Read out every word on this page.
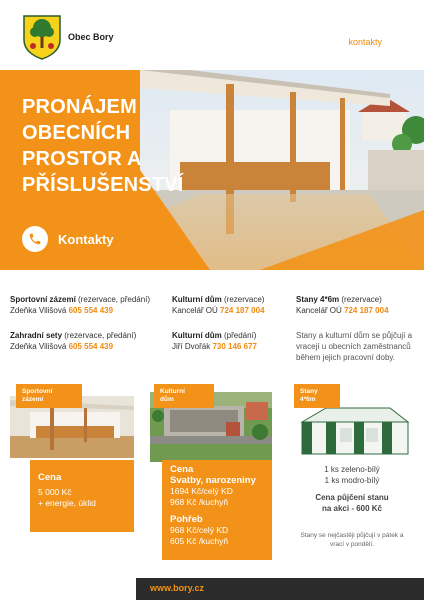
Obec Bory	kontakty
PRONÁJEM
OBECNÍCH
PROSTOR A
PŘÍSLUŠENSTVÍ
Kontakty

Sportovní zázemí (rezervace, předání)
Zdeňka Vilišová 605 554 439

Zahradní sety (rezervace, předání)
Zdeňka Vilišová 605 554 439

Kulturní dům (rezervace)
Kancelář OÚ 724 187 004

Kulturní dům (předání)
Jiří Dvořák 730 146 677

Stany 4*6m (rezervace)
Kancelář OÚ 724 187 004

Stany a kulturní dům se půjčují a vracejí u obecních zaměstnanců během jejich pracovní doby.

Sportovní
zázemí
Cena
5 000 Kč
+ energie, úklid
Kulturní
dům
Cena
Svatby, narozeniny
1694 Kč/celý KD
968 Kč /kuchyň
Pohřeb
968 Kč/celý KD
605 Kč /kuchyň
Stany
4*6m
1 ks zeleno-bílý
1 ks modro-bílý
Cena půjčení stanu
na akci - 600 Kč
Stany se nejčastěji půjčují v pátek a vrací v pondělí.
www.bory.cz
